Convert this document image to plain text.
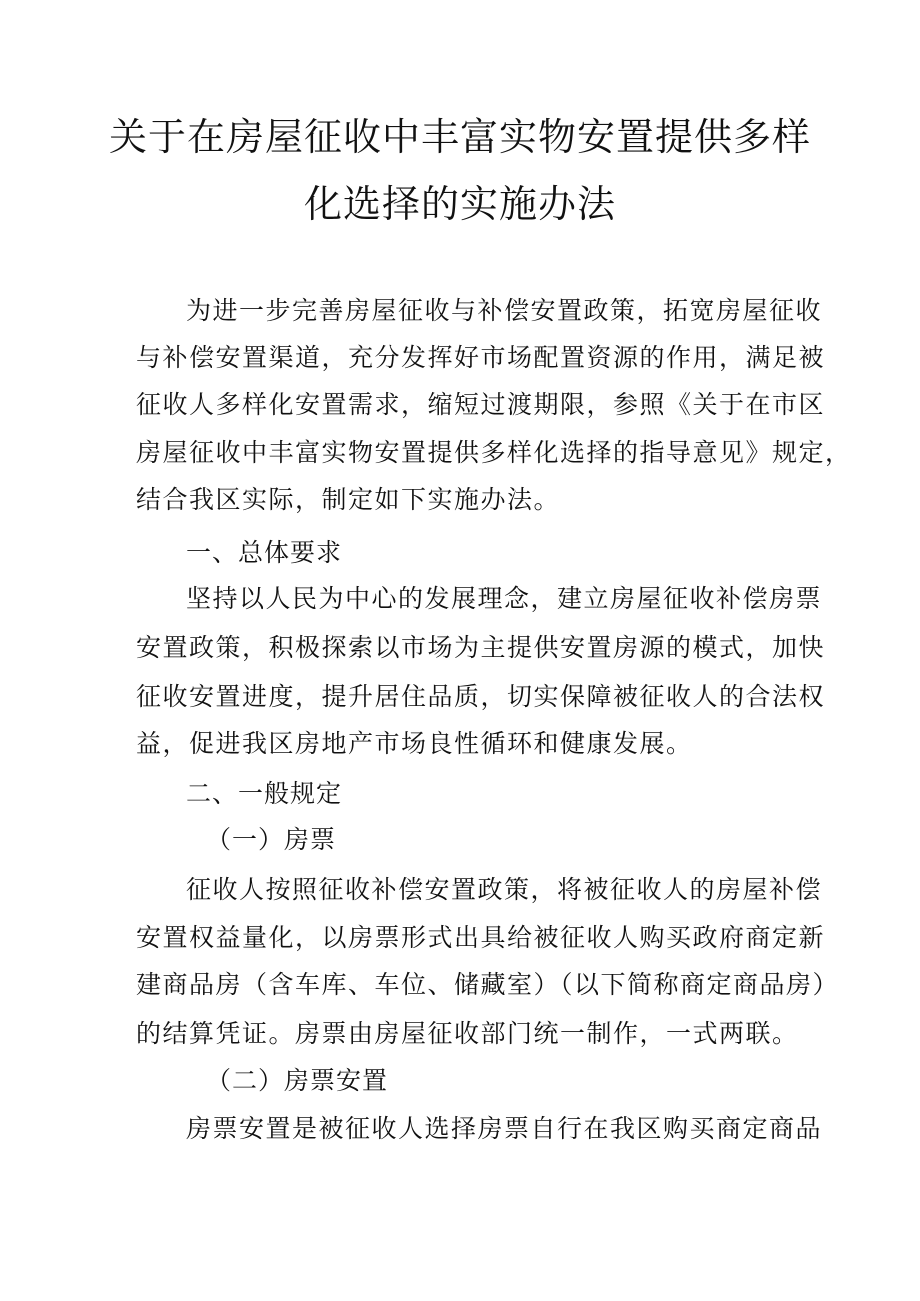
关于在房屋征收中丰富实物安置提供多样
化选择的实施办法
为进一步完善房屋征收与补偿安置政策，拓宽房屋征收
与补偿安置渠道，充分发挥好市场配置资源的作用，满足被
征收人多样化安置需求，缩短过渡期限，参照《关于在市区
房屋征收中丰富实物安置提供多样化选择的指导意见》规定，
结合我区实际，制定如下实施办法。
一、总体要求
坚持以人民为中心的发展理念，建立房屋征收补偿房票
安置政策，积极探索以市场为主提供安置房源的模式，加快
征收安置进度，提升居住品质，切实保障被征收人的合法权
益，促进我区房地产市场良性循环和健康发展。
二、一般规定
（一）房票
征收人按照征收补偿安置政策，将被征收人的房屋补偿
安置权益量化，以房票形式出具给被征收人购买政府商定新
建商品房（含车库、车位、储藏室）（以下简称商定商品房）
的结算凭证。房票由房屋征收部门统一制作，一式两联。
（二）房票安置
房票安置是被征收人选择房票自行在我区购买商定商品
